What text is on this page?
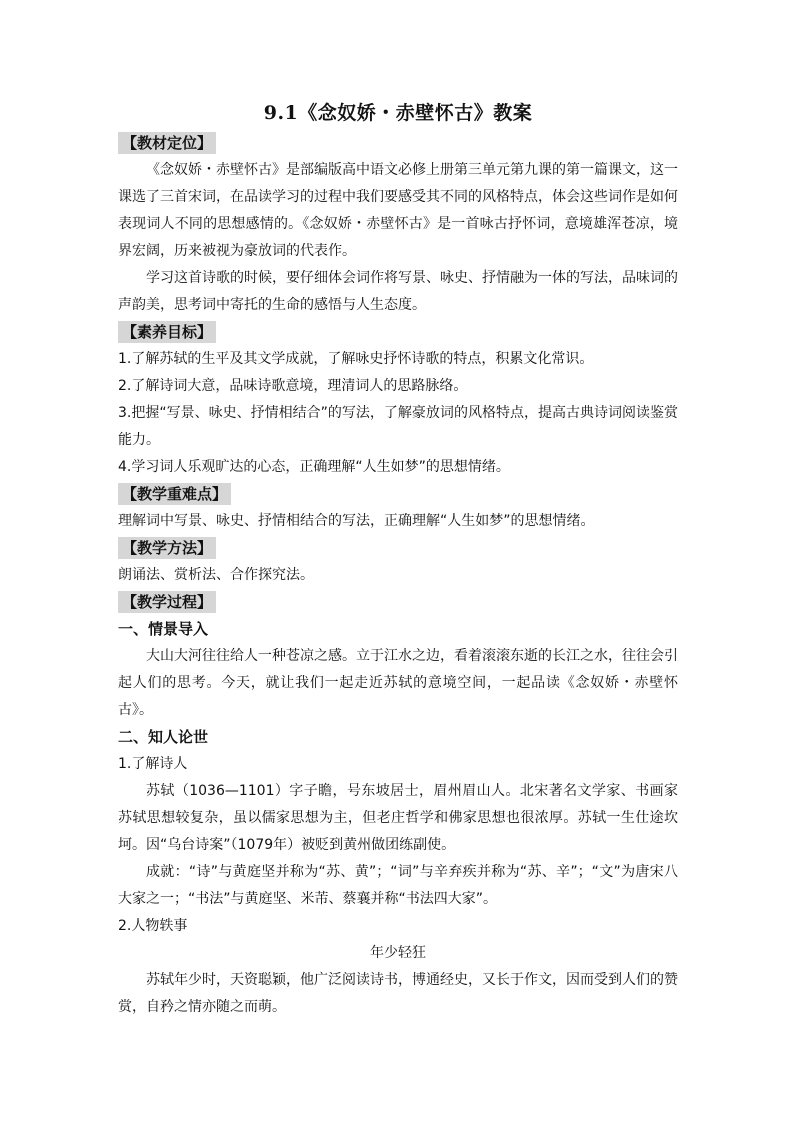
9.1《念奴娇・赤壁怀古》教案
【教材定位】

《念奴娇・赤壁怀古》是部编版高中语文必修上册第三单元第九课的第一篇课文，这一课选了三首宋词，在品读学习的过程中我们要感受其不同的风格特点，体会这些词作是如何表现词人不同的思想感情的。《念奴娇・赤壁怀古》是一首咏古抒怀词，意境雄浑苍凉，境界宏阔，历来被视为豪放词的代表作。

学习这首诗歌的时候，要仔细体会词作将写景、咏史、抒情融为一体的写法，品味词的声韵美，思考词中寄托的生命的感悟与人生态度。

【素养目标】

1.了解苏轼的生平及其文学成就，了解咏史抒怀诗歌的特点，积累文化常识。

2.了解诗词大意，品味诗歌意境，理清词人的思路脉络。

3.把握“写景、咏史、抒情相结合”的写法，了解豪放词的风格特点，提高古典诗词阅读鉴赏能力。

4.学习词人乐观旷达的心态，正确理解“人生如梦”的思想情绪。

【教学重难点】

理解词中写景、咏史、抒情相结合的写法，正确理解“人生如梦”的思想情绪。

【教学方法】

朗诵法、赏析法、合作探究法。

【教学过程】

一、情景导入

大山大河往往给人一种苍凉之感。立于江水之边，看着滚滚东逝的长江之水，往往会引起人们的思考。今天，就让我们一起走近苏轼的意境空间，一起品读《念奴娇・赤壁怀古》。

二、知人论世

1.了解诗人

苏轼（1036—1101）字子瞻，号东坡居士，眉州眉山人。北宋著名文学家、书画家苏轼思想较复杂，虽以儒家思想为主，但老庄哲学和佛家思想也很浓厚。苏轼一生仕途坎坷。因“乌台诗案”（1079年）被贬到黄州做团练副使。

成就：“诗”与黄庭坚并称为“苏、黄”；“词”与辛弃疾并称为“苏、辛”；“文”为唐宋八大家之一；“书法”与黄庭坚、米芾、蔡襄并称“书法四大家”。

2.人物轶事

年少轻狂

苏轼年少时，天资聪颖，他广泛阅读诗书，博通经史，又长于作文，因而受到人们的赞赏，自矜之情亦随之而萌。
